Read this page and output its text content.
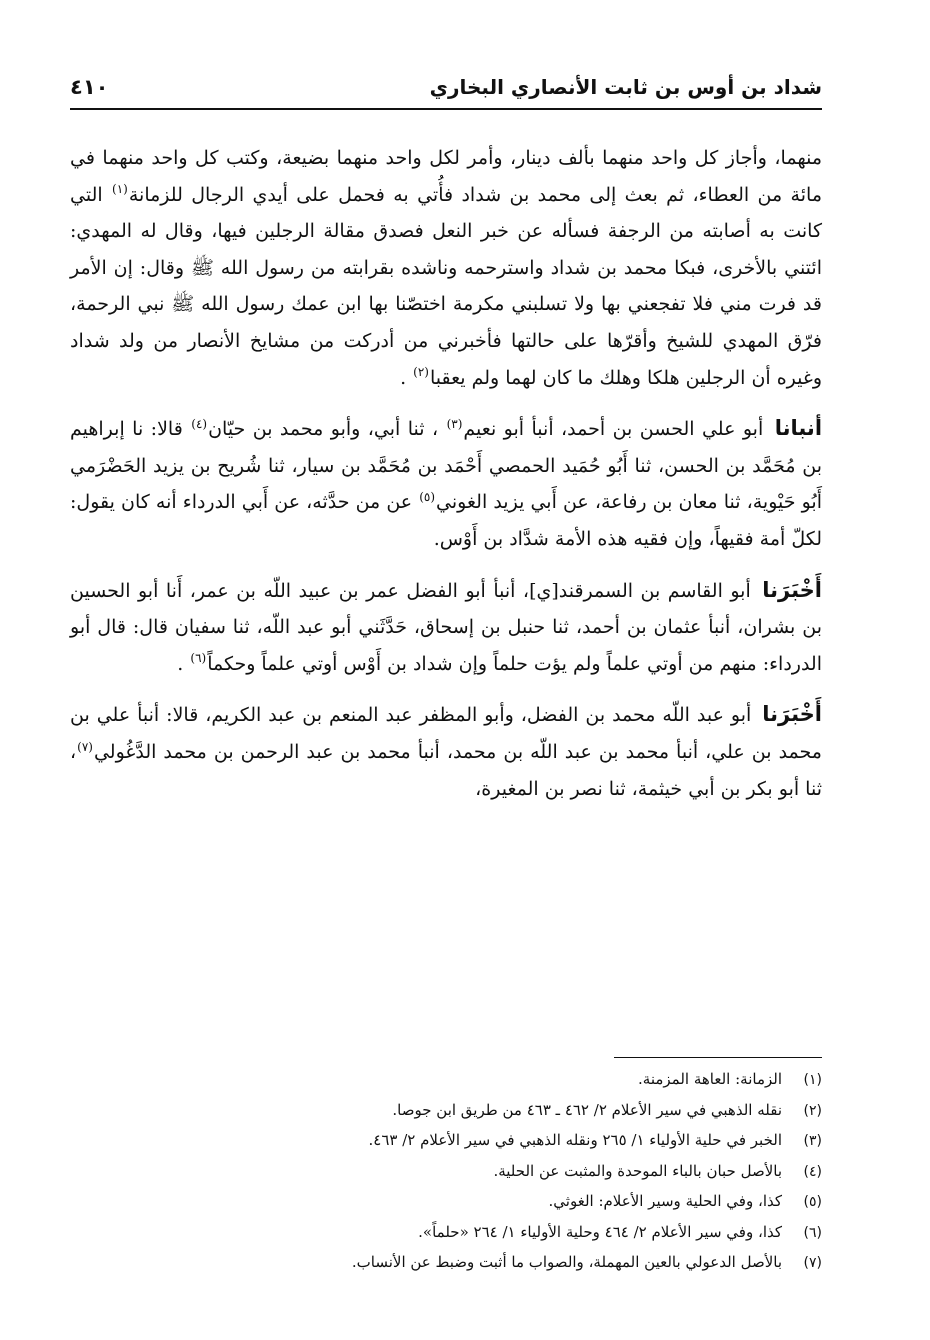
شداد بن أوس بن ثابت الأنصاري البخاري
٤١٠

منهما، وأجاز كل واحد منهما بألف دينار، وأمر لكل واحد منهما بضيعة، وكتب كل واحد منهما في مائة من العطاء، ثم بعث إلى محمد بن شداد فأُتي به فحمل على أيدي الرجال للزمانة$^{(١)}$ التي كانت به أصابته من الرجفة فسأله عن خبر النعل فصدق مقالة الرجلين فيها، وقال له المهدي: ائتني بالأخرى، فبكا محمد بن شداد واسترحمه وناشده بقرابته من رسول الله ﷺ وقال: إن الأمر قد فرت مني فلا تفجعني بها ولا تسلبني مكرمة اختصّنا بها ابن عمك رسول الله ﷺ نبي الرحمة، فرّق المهدي للشيخ وأقرّها على حالتها فأخبرني من أدركت من مشايخ الأنصار من ولد شداد وغيره أن الرجلين هلكا وهلك ما كان لهما ولم يعقبا$^{(٢)}$ .

أنبانا أبو علي الحسن بن أحمد، أنبأ أبو نعيم$^{(٣)}$ ، ثنا أبي، وأبو محمد بن حيّان$^{(٤)}$ قالا: نا إبراهيم بن مُحَمَّد بن الحسن، ثنا أَبُو حُمَيد الحمصي أَحْمَد بن مُحَمَّد بن سيار، ثنا شُريح بن يزيد الحَضْرَمي أَبُو حَيْوية، ثنا معان بن رفاعة، عن أَبي يزيد الغوني$^{(٥)}$ عن من حدَّثه، عن أَبي الدرداء أنه كان يقول: لكلّ أمة فقيهاً، وإن فقيه هذه الأمة شدَّاد بن أَوْس.

أَخْبَرَنا أبو القاسم بن السمرقند[ي]، أنبأ أبو الفضل عمر بن عبيد اللّه بن عمر، أَنا أبو الحسين بن بشران، أنبأ عثمان بن أحمد، ثنا حنبل بن إسحاق، حَدَّثَني أبو عبد اللّه، ثنا سفيان قال: قال أبو الدرداء: منهم من أوتي علماً ولم يؤت حلماً وإن شداد بن أَوْس أوتي علماً وحكماً$^{(٦)}$ .

أَخْبَرَنا أبو عبد اللّه محمد بن الفضل، وأبو المظفر عبد المنعم بن عبد الكريم، قالا: أنبأ علي بن محمد بن علي، أنبأ محمد بن عبد اللّه بن محمد، أنبأ محمد بن عبد الرحمن بن محمد الدَّغُولي$^{(٧)}$، ثنا أبو بكر بن أبي خيثمة، ثنا نصر بن المغيرة،

(١)
الزمانة: العاهة المزمنة.
(٢)
نقله الذهبي في سير الأعلام ٢/ ٤٦٢ ـ ٤٦٣ من طريق ابن جوصا.
(٣)
الخبر في حلية الأولياء ١/ ٢٦٥ ونقله الذهبي في سير الأعلام ٢/ ٤٦٣.
(٤)
بالأصل حبان بالباء الموحدة والمثبت عن الحلية.
(٥)
كذا، وفي الحلية وسير الأعلام: الغوثي.
(٦)
كذا، وفي سير الأعلام ٢/ ٤٦٤ وحلية الأولياء ١/ ٢٦٤ «حلماً».
(٧)
بالأصل الدعولي بالعين المهملة، والصواب ما أثبت وضبط عن الأنساب.
